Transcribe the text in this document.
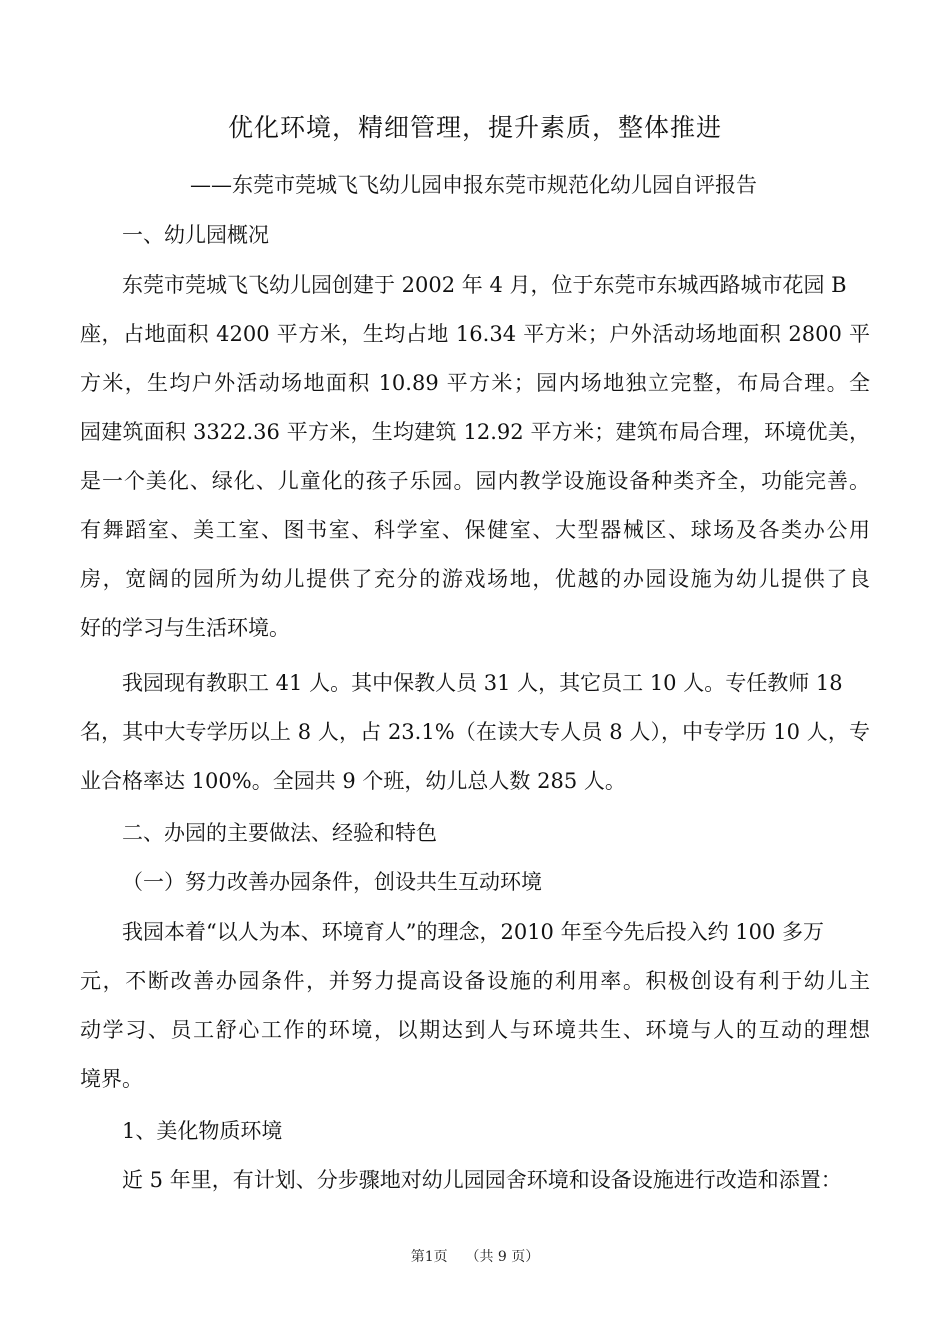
优化环境，精细管理，提升素质，整体推进
——东莞市莞城飞飞幼儿园申报东莞市规范化幼儿园自评报告
一、幼儿园概况
东莞市莞城飞飞幼儿园创建于 2002 年 4 月，位于东莞市东城西路城市花园 B
座，占地面积 4200 平方米，生均占地 16.34 平方米；户外活动场地面积 2800 平
方米，生均户外活动场地面积 10.89 平方米；园内场地独立完整，布局合理。全
园建筑面积 3322.36 平方米，生均建筑 12.92 平方米；建筑布局合理，环境优美，
是一个美化、绿化、儿童化的孩子乐园。园内教学设施设备种类齐全，功能完善。
有舞蹈室、美工室、图书室、科学室、保健室、大型器械区、球场及各类办公用
房，宽阔的园所为幼儿提供了充分的游戏场地，优越的办园设施为幼儿提供了良
好的学习与生活环境。
我园现有教职工 41 人。其中保教人员 31 人，其它员工 10 人。专任教师 18
名，其中大专学历以上 8 人，占 23.1%（在读大专人员 8 人），中专学历 10 人，专
业合格率达 100%。全园共 9 个班，幼儿总人数 285 人。
二、办园的主要做法、经验和特色
（一）努力改善办园条件，创设共生互动环境
我园本着“以人为本、环境育人”的理念，2010 年至今先后投入约 100 多万
元，不断改善办园条件，并努力提高设备设施的利用率。积极创设有利于幼儿主
动学习、员工舒心工作的环境，以期达到人与环境共生、环境与人的互动的理想
境界。
1、美化物质环境
近 5 年里，有计划、分步骤地对幼儿园园舍环境和设备设施进行改造和添置：
第1页    （共 9 页）
